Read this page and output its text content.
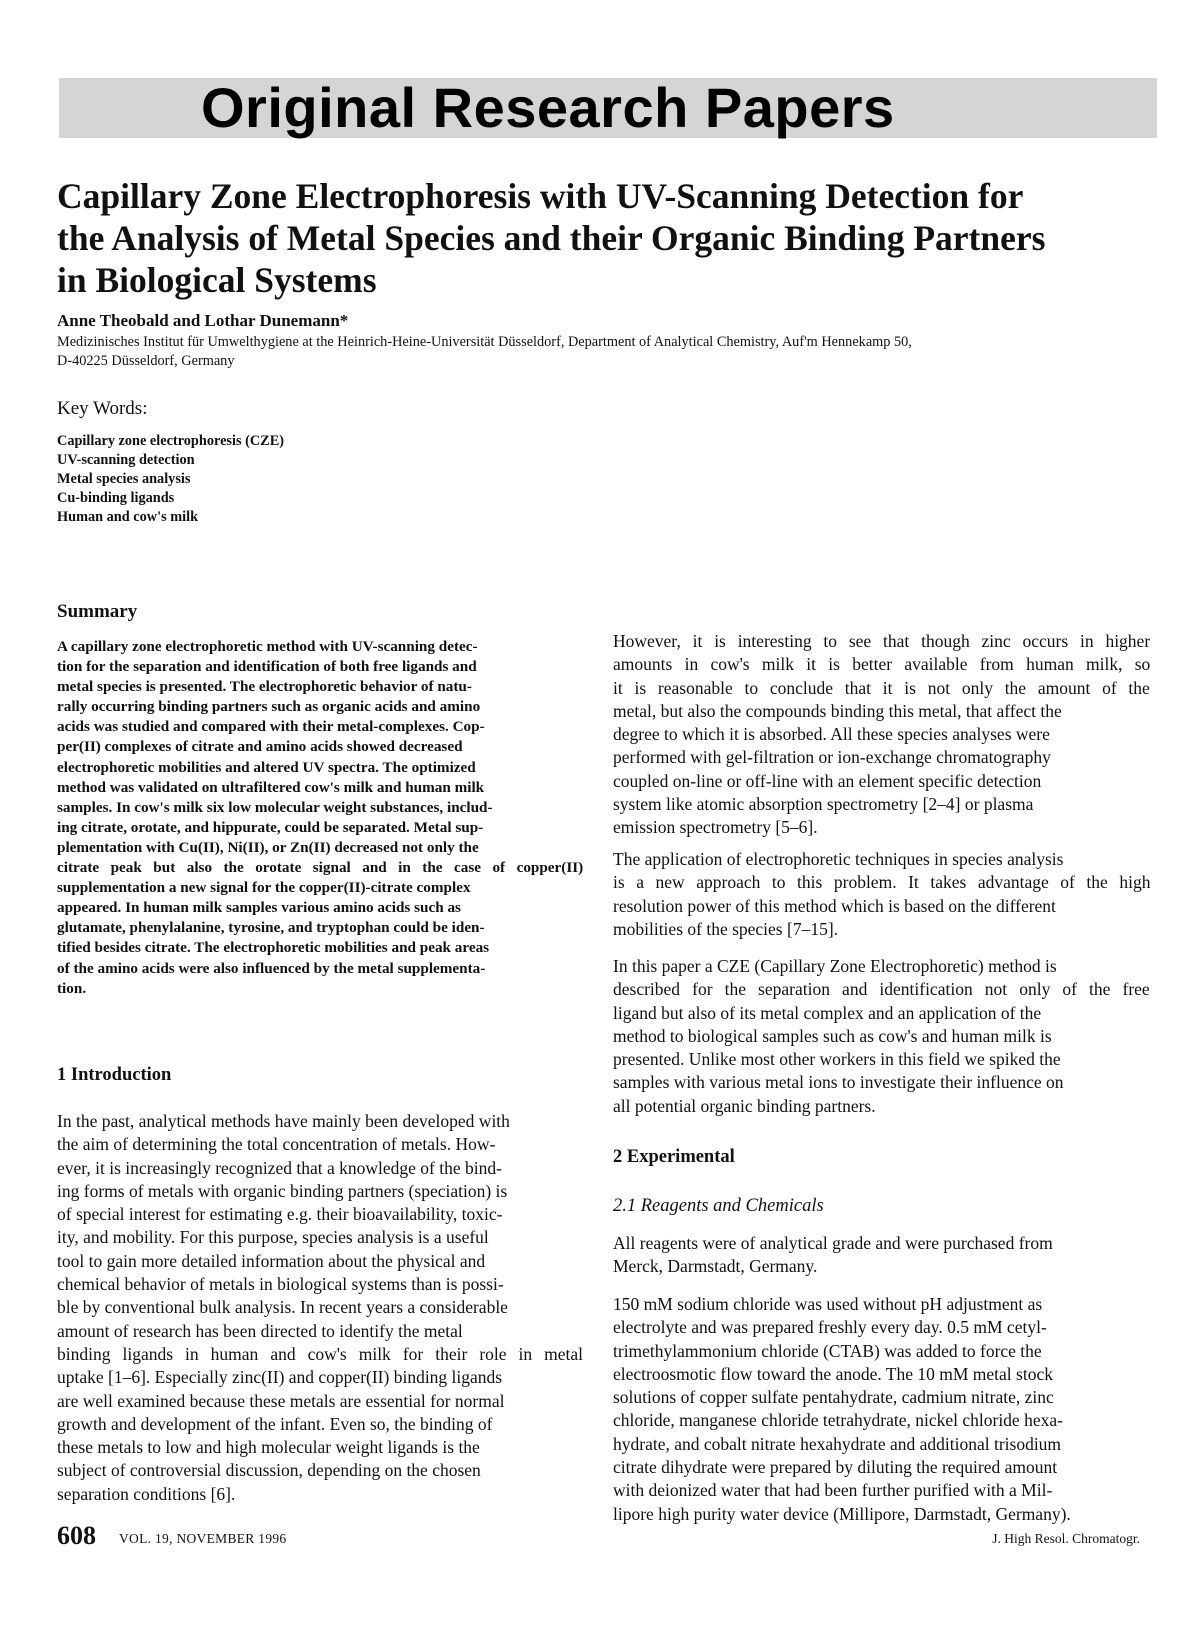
Original Research Papers
Capillary Zone Electrophoresis with UV-Scanning Detection for
the Analysis of Metal Species and their Organic Binding Partners
in Biological Systems
Anne Theobald and Lothar Dunemann*
Medizinisches Institut für Umwelthygiene at the Heinrich-Heine-Universität Düsseldorf, Department of Analytical Chemistry, Auf'm Hennekamp 50,
D-40225 Düsseldorf, Germany
Key Words:
Capillary zone electrophoresis (CZE)
UV-scanning detection
Metal species analysis
Cu-binding ligands
Human and cow's milk
Summary

A capillary zone electrophoretic method with UV-scanning detec-
tion for the separation and identification of both free ligands and
metal species is presented. The electrophoretic behavior of natu-
rally occurring binding partners such as organic acids and amino
acids was studied and compared with their metal-complexes. Cop-
per(II) complexes of citrate and amino acids showed decreased
electrophoretic mobilities and altered UV spectra. The optimized
method was validated on ultrafiltered cow's milk and human milk
samples. In cow's milk six low molecular weight substances, includ-
ing citrate, orotate, and hippurate, could be separated. Metal sup-
plementation with Cu(II), Ni(II), or Zn(II) decreased not only the
citrate peak but also the orotate signal and in the case of copper(II)
supplementation a new signal for the copper(II)-citrate complex
appeared. In human milk samples various amino acids such as
glutamate, phenylalanine, tyrosine, and tryptophan could be iden-
tified besides citrate. The electrophoretic mobilities and peak areas
of the amino acids were also influenced by the metal supplementa-
tion.

1 Introduction

In the past, analytical methods have mainly been developed with
the aim of determining the total concentration of metals. How-
ever, it is increasingly recognized that a knowledge of the bind-
ing forms of metals with organic binding partners (speciation) is
of special interest for estimating e.g. their bioavailability, toxic-
ity, and mobility. For this purpose, species analysis is a useful
tool to gain more detailed information about the physical and
chemical behavior of metals in biological systems than is possi-
ble by conventional bulk analysis. In recent years a considerable
amount of research has been directed to identify the metal
binding ligands in human and cow's milk for their role in metal
uptake [1–6]. Especially zinc(II) and copper(II) binding ligands
are well examined because these metals are essential for normal
growth and development of the infant. Even so, the binding of
these metals to low and high molecular weight ligands is the
subject of controversial discussion, depending on the chosen
separation conditions [6].

However, it is interesting to see that though zinc occurs in higher
amounts in cow's milk it is better available from human milk, so
it is reasonable to conclude that it is not only the amount of the
metal, but also the compounds binding this metal, that affect the
degree to which it is absorbed. All these species analyses were
performed with gel-filtration or ion-exchange chromatography
coupled on-line or off-line with an element specific detection
system like atomic absorption spectrometry [2–4] or plasma
emission spectrometry [5–6].

The application of electrophoretic techniques in species analysis
is a new approach to this problem. It takes advantage of the high
resolution power of this method which is based on the different
mobilities of the species [7–15].

In this paper a CZE (Capillary Zone Electrophoretic) method is
described for the separation and identification not only of the free
ligand but also of its metal complex and an application of the
method to biological samples such as cow's and human milk is
presented. Unlike most other workers in this field we spiked the
samples with various metal ions to investigate their influence on
all potential organic binding partners.

2 Experimental
2.1 Reagents and Chemicals

All reagents were of analytical grade and were purchased from
Merck, Darmstadt, Germany.

150 mM sodium chloride was used without pH adjustment as
electrolyte and was prepared freshly every day. 0.5 mM cetyl-
trimethylammonium chloride (CTAB) was added to force the
electroosmotic flow toward the anode. The 10 mM metal stock
solutions of copper sulfate pentahydrate, cadmium nitrate, zinc
chloride, manganese chloride tetrahydrate, nickel chloride hexa-
hydrate, and cobalt nitrate hexahydrate and additional trisodium
citrate dihydrate were prepared by diluting the required amount
with deionized water that had been further purified with a Mil-
lipore high purity water device (Millipore, Darmstadt, Germany).

608 VOL. 19, NOVEMBER 1996	J. High Resol. Chromatogr.
